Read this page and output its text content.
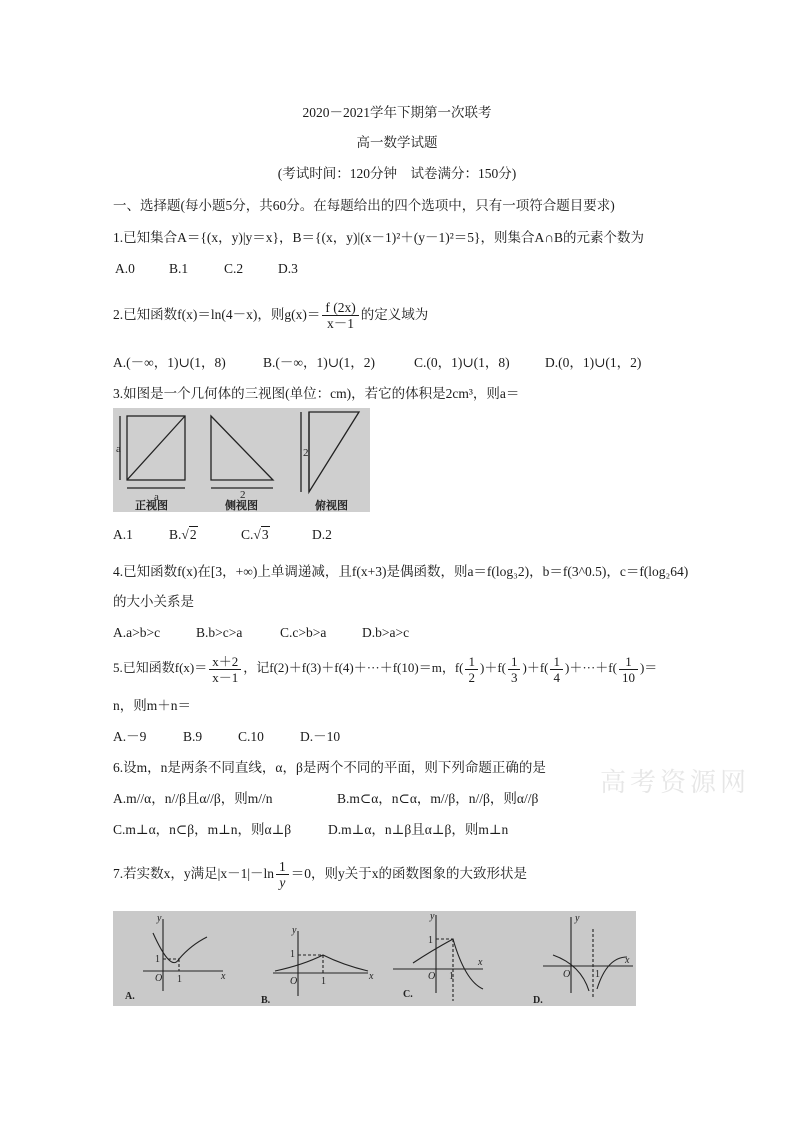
2020－2021学年下期第一次联考
高一数学试题
(考试时间：120分钟　试卷满分：150分)
一、选择题(每小题5分，共60分。在每题给出的四个选项中，只有一项符合题目要求)
1.已知集合A＝{(x，y)|y＝x}，B＝{(x，y)|(x－1)²＋(y－1)²＝5}，则集合A∩B的元素个数为
A.0	B.1	C.2	D.3
2.已知函数f(x)＝ln(4－x)，则$g(x)= \frac{f (2x)}{x-1}$ 的定义域为
A.(－∞，1)∪(1，8)	B.(－∞，1)∪(1，2)	C.(0，1)∪(1，8)	D.(0，1)∪(1，2)
3.如图是一个几何体的三视图(单位：cm)，若它的体积是2cm³，则a＝
a
a	2
2
正视图	侧视图	俯视图
A.1	B.√2	C.√3	D.2
4.已知函数f(x)在[3，+∞)上单调递减，且f(x+3)是偶函数，则a＝f(log₃2)，b＝f(3^0.5)，c＝f(log₂64)
的大小关系是
A.a>b>c	B.b>c>a	C.c>b>a	D.b>a>c
5.已知函数$f(x)= \frac{x+2}{x-1}$ ，记f(2)＋f(3)＋f(4)＋···＋f(10)＝m，$f( \frac{1}{2} )+f( \frac{1}{3} )+f( \frac{1}{4} )+\cdot\cdot\cdot+f( \frac{1}{10}$ )＝
n，则m＋n＝
A.－9	B.9	C.10	D.－10
6.设m，n是两条不同直线，α，β是两个不同的平面，则下列命题正确的是
A.m//α，n//β且α//β，则m//n	B.m⊂α，n⊂α，m//β，n//β，则α//β
C.m⊥α，n⊂β，m⊥n，则α⊥β	D.m⊥α，n⊥β且α⊥β，则m⊥n
7.若实数x，y满足$|x-1|-\ln \frac{1}{y} =0$，则y关于x的函数图象的大致形状是
A.
y
x
O 1
1
B.
y
x
O 1
1
C.
y
x
O 1
1
D.
y
x
O 1
高考资源网
